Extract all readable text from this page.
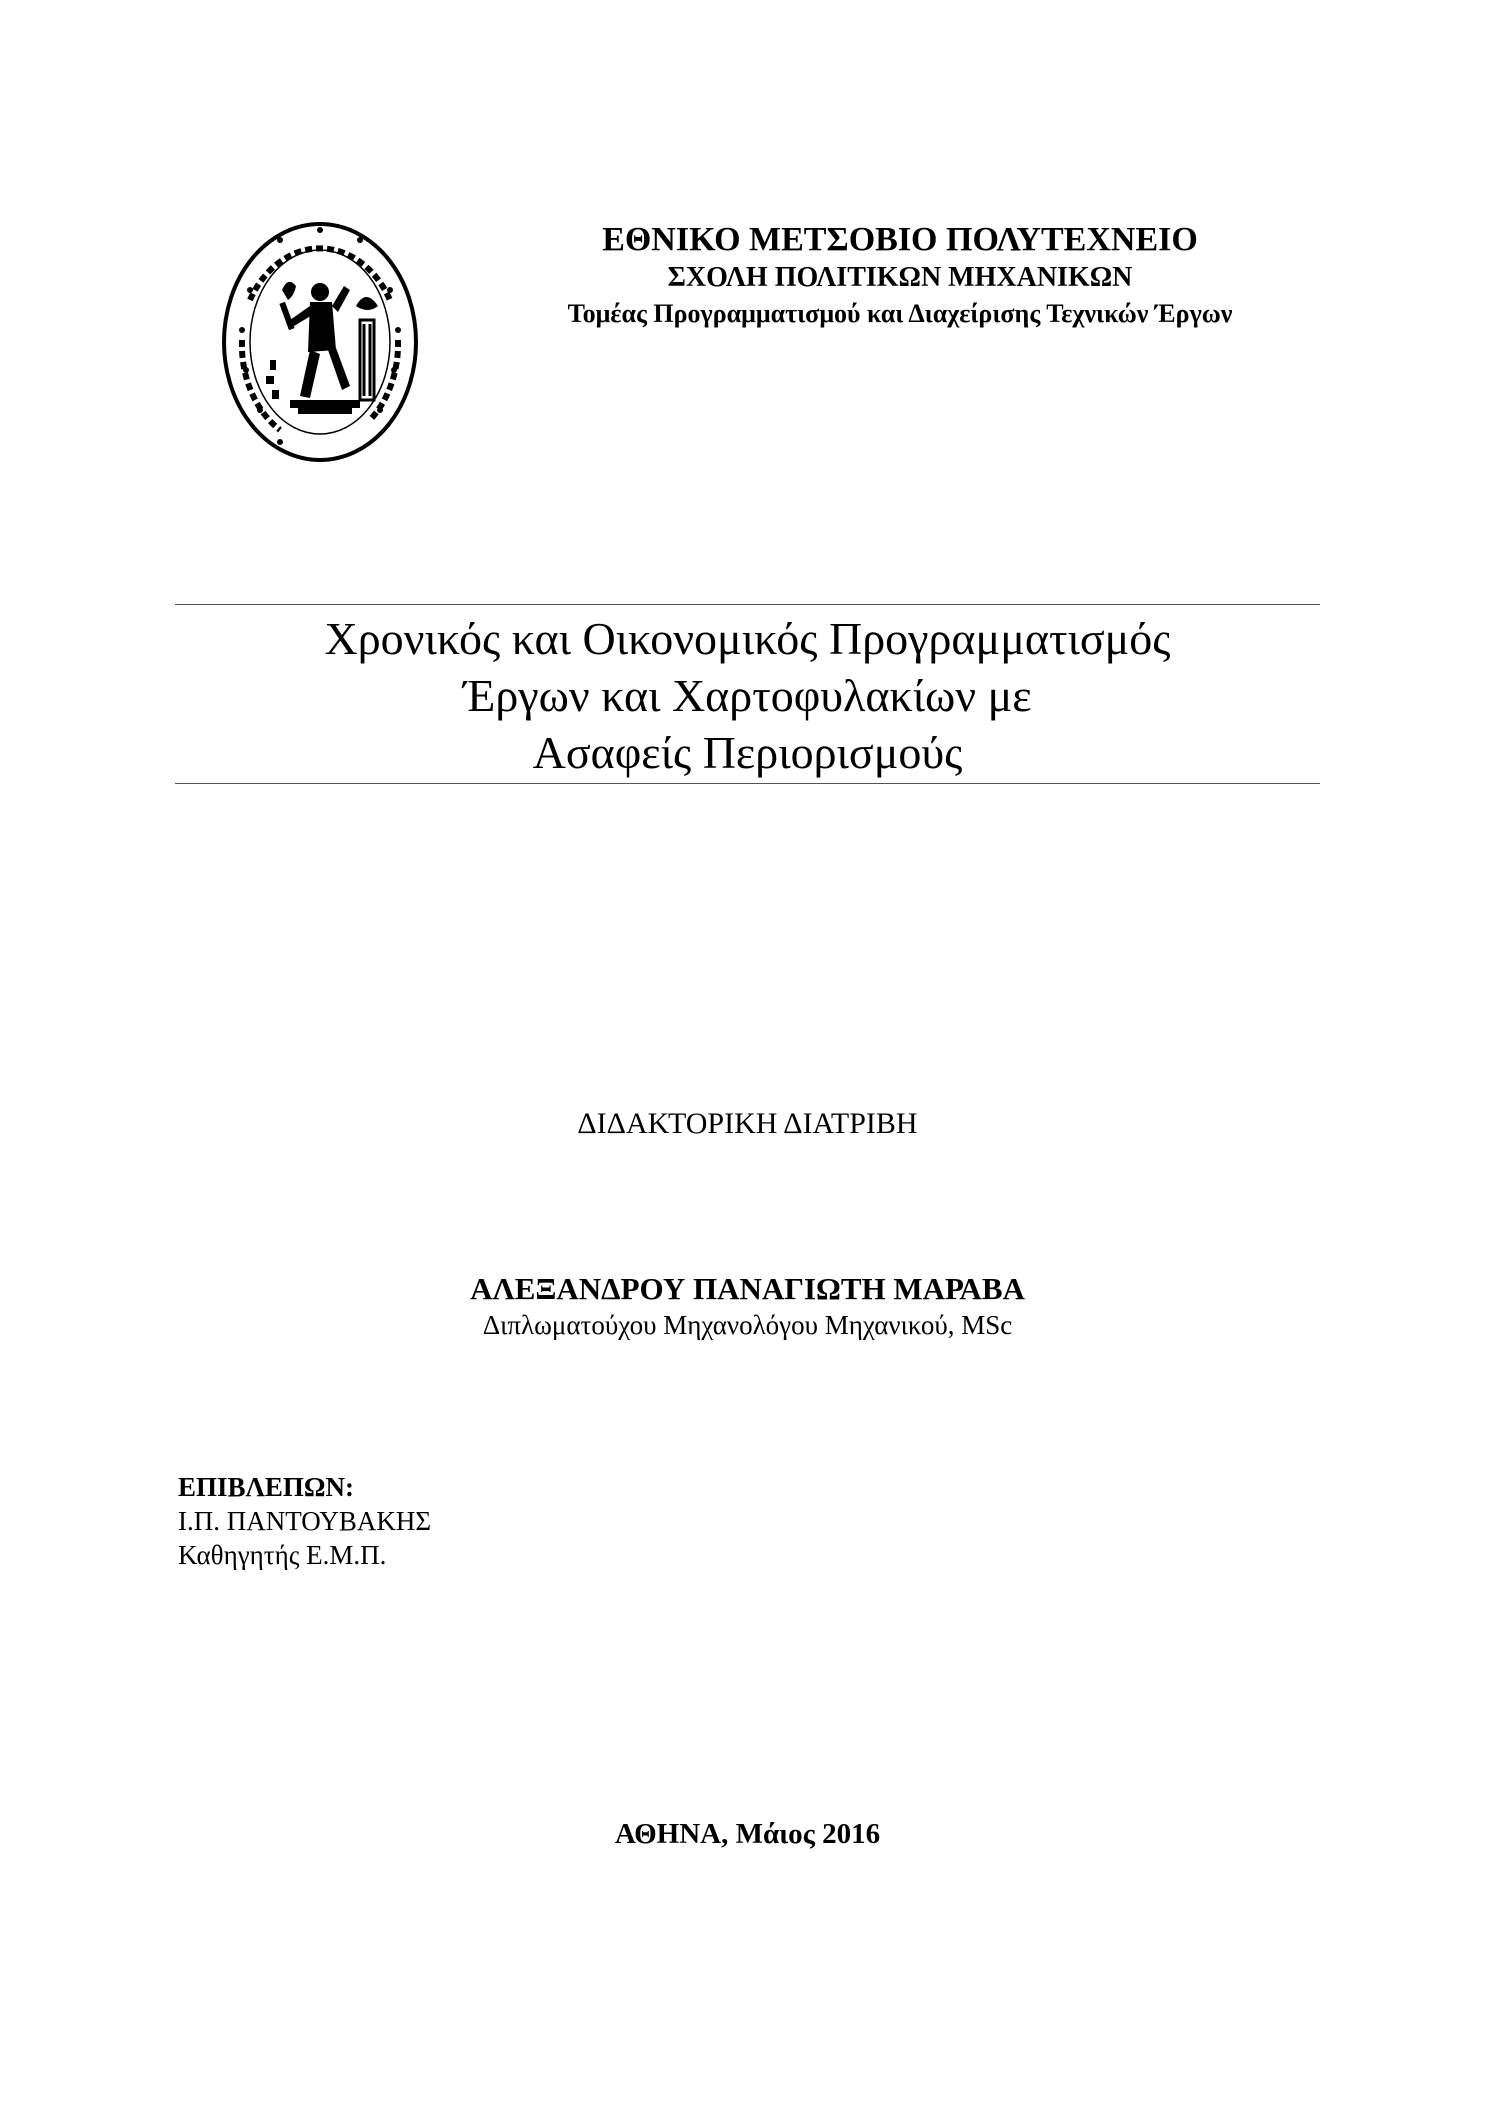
ΕΘΝΙΚΟ ΜΕΤΣΟΒΙΟ ΠΟΛΥΤΕΧΝΕΙΟ
ΣΧΟΛΗ ΠΟΛΙΤΙΚΩΝ ΜΗΧΑΝΙΚΩΝ
Τομέας Προγραμματισμού και Διαχείρισης Τεχνικών Έργων
Χρονικός και Οικονομικός Προγραμματισμός
Έργων και Χαρτοφυλακίων με
Ασαφείς Περιορισμούς
ΔΙΔΑΚΤΟΡΙΚΗ ΔΙΑΤΡΙΒΗ
ΑΛΕΞΑΝΔΡΟΥ ΠΑΝΑΓΙΩΤΗ ΜΑΡΑΒΑ
Διπλωματούχου Μηχανολόγου Μηχανικού, MSc
ΕΠΙΒΛΕΠΩΝ:
Ι.Π. ΠΑΝΤΟΥΒΑΚΗΣ
Καθηγητής Ε.Μ.Π.
ΑΘΗΝΑ, Μάιος 2016
